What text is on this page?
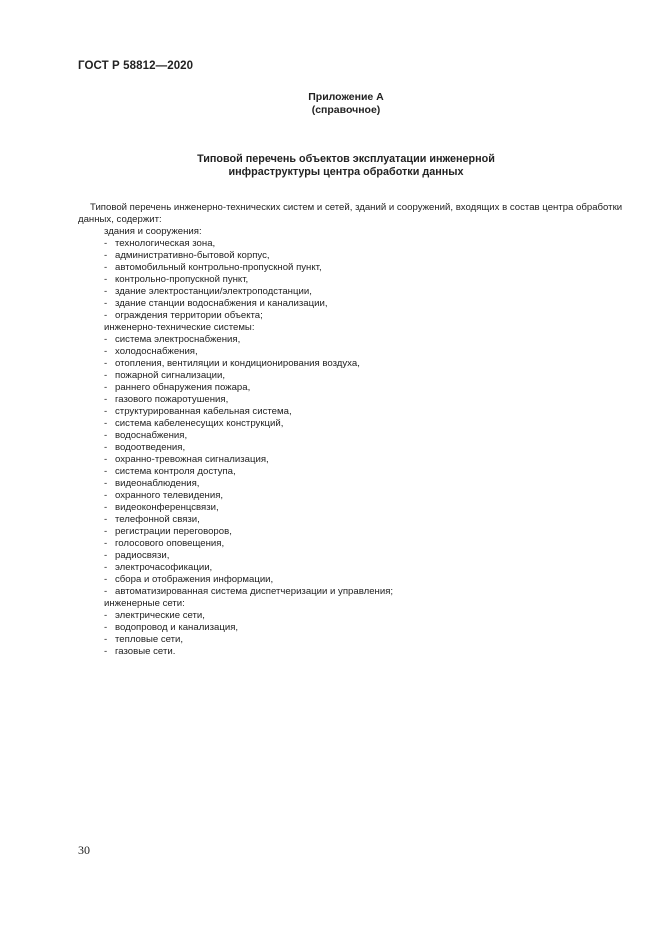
ГОСТ Р 58812—2020
Приложение А
(справочное)
Типовой перечень объектов эксплуатации инженерной
инфраструктуры центра обработки данных
Типовой перечень инженерно-технических систем и сетей, зданий и сооружений, входящих в состав центра обработки данных, содержит:
здания и сооружения:
- технологическая зона,
- административно-бытовой корпус,
- автомобильный контрольно-пропускной пункт,
- контрольно-пропускной пункт,
- здание электростанции/электроподстанции,
- здание станции водоснабжения и канализации,
- ограждения территории объекта;
инженерно-технические системы:
- система электроснабжения,
- холодоснабжения,
- отопления, вентиляции и кондиционирования воздуха,
- пожарной сигнализации,
- раннего обнаружения пожара,
- газового пожаротушения,
- структурированная кабельная система,
- система кабеленесущих конструкций,
- водоснабжения,
- водоотведения,
- охранно-тревожная сигнализация,
- система контроля доступа,
- видеонаблюдения,
- охранного телевидения,
- видеоконференцсвязи,
- телефонной связи,
- регистрации переговоров,
- голосового оповещения,
- радиосвязи,
- электрочасофикации,
- сбора и отображения информации,
- автоматизированная система диспетчеризации и управления;
инженерные сети:
- электрические сети,
- водопровод и канализация,
- тепловые сети,
- газовые сети.
30
